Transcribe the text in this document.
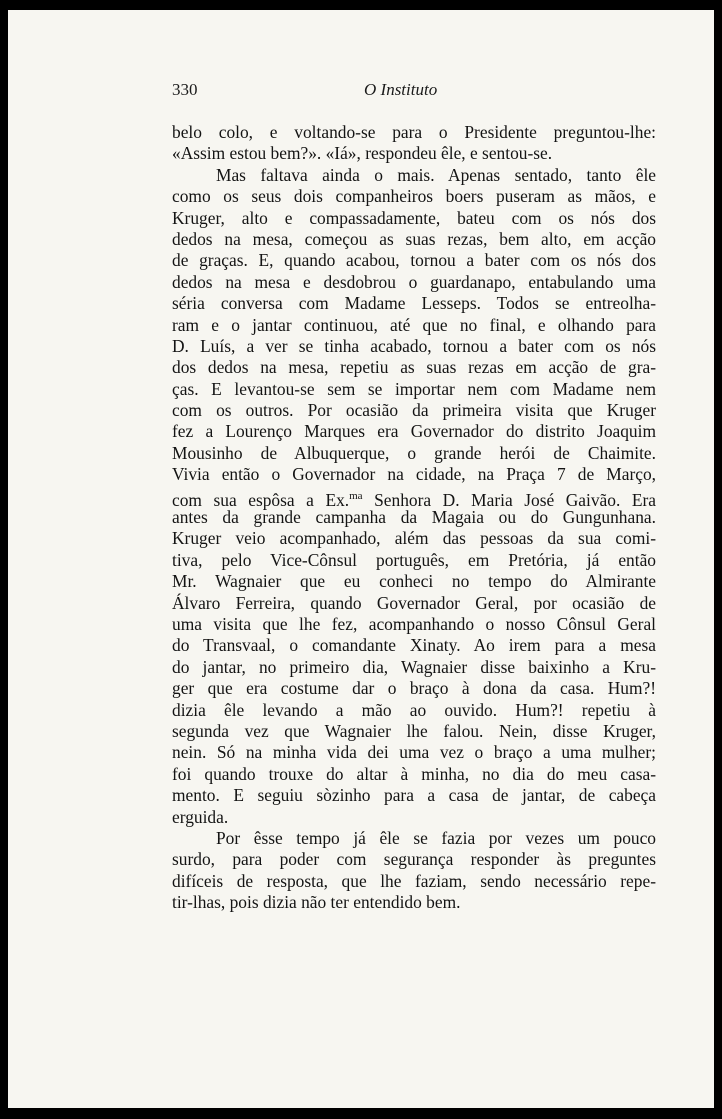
330	O Instituto
belo colo, e voltando-se para o Presidente preguntou-lhe:
«Assim estou bem?». «Iá», respondeu êle, e sentou-se.
Mas faltava ainda o mais. Apenas sentado, tanto êle
como os seus dois companheiros boers puseram as mãos, e
Kruger, alto e compassadamente, bateu com os nós dos
dedos na mesa, começou as suas rezas, bem alto, em acção
de graças. E, quando acabou, tornou a bater com os nós dos
dedos na mesa e desdobrou o guardanapo, entabulando uma
séria conversa com Madame Lesseps. Todos se entreolha-
ram e o jantar continuou, até que no final, e olhando para
D. Luís, a ver se tinha acabado, tornou a bater com os nós
dos dedos na mesa, repetiu as suas rezas em acção de gra-
ças. E levantou-se sem se importar nem com Madame nem
com os outros. Por ocasião da primeira visita que Kruger
fez a Lourenço Marques era Governador do distrito Joaquim
Mousinho de Albuquerque, o grande herói de Chaimite.
Vivia então o Governador na cidade, na Praça 7 de Março,
com sua espôsa a Ex.$^{ma}$ Senhora D. Maria José Gaivão. Era
antes da grande campanha da Magaia ou do Gungunhana.
Kruger veio acompanhado, além das pessoas da sua comi-
tiva, pelo Vice-Cônsul português, em Pretória, já então
Mr. Wagnaier que eu conheci no tempo do Almirante
Álvaro Ferreira, quando Governador Geral, por ocasião de
uma visita que lhe fez, acompanhando o nosso Cônsul Geral
do Transvaal, o comandante Xinaty. Ao irem para a mesa
do jantar, no primeiro dia, Wagnaier disse baixinho a Kru-
ger que era costume dar o braço à dona da casa. Hum?!
dizia êle levando a mão ao ouvido. Hum?! repetiu à
segunda vez que Wagnaier lhe falou. Nein, disse Kruger,
nein. Só na minha vida dei uma vez o braço a uma mulher;
foi quando trouxe do altar à minha, no dia do meu casa-
mento. E seguiu sòzinho para a casa de jantar, de cabeça
erguida.
Por êsse tempo já êle se fazia por vezes um pouco
surdo, para poder com segurança responder às preguntes
difíceis de resposta, que lhe faziam, sendo necessário repe-
tir-lhas, pois dizia não ter entendido bem.
